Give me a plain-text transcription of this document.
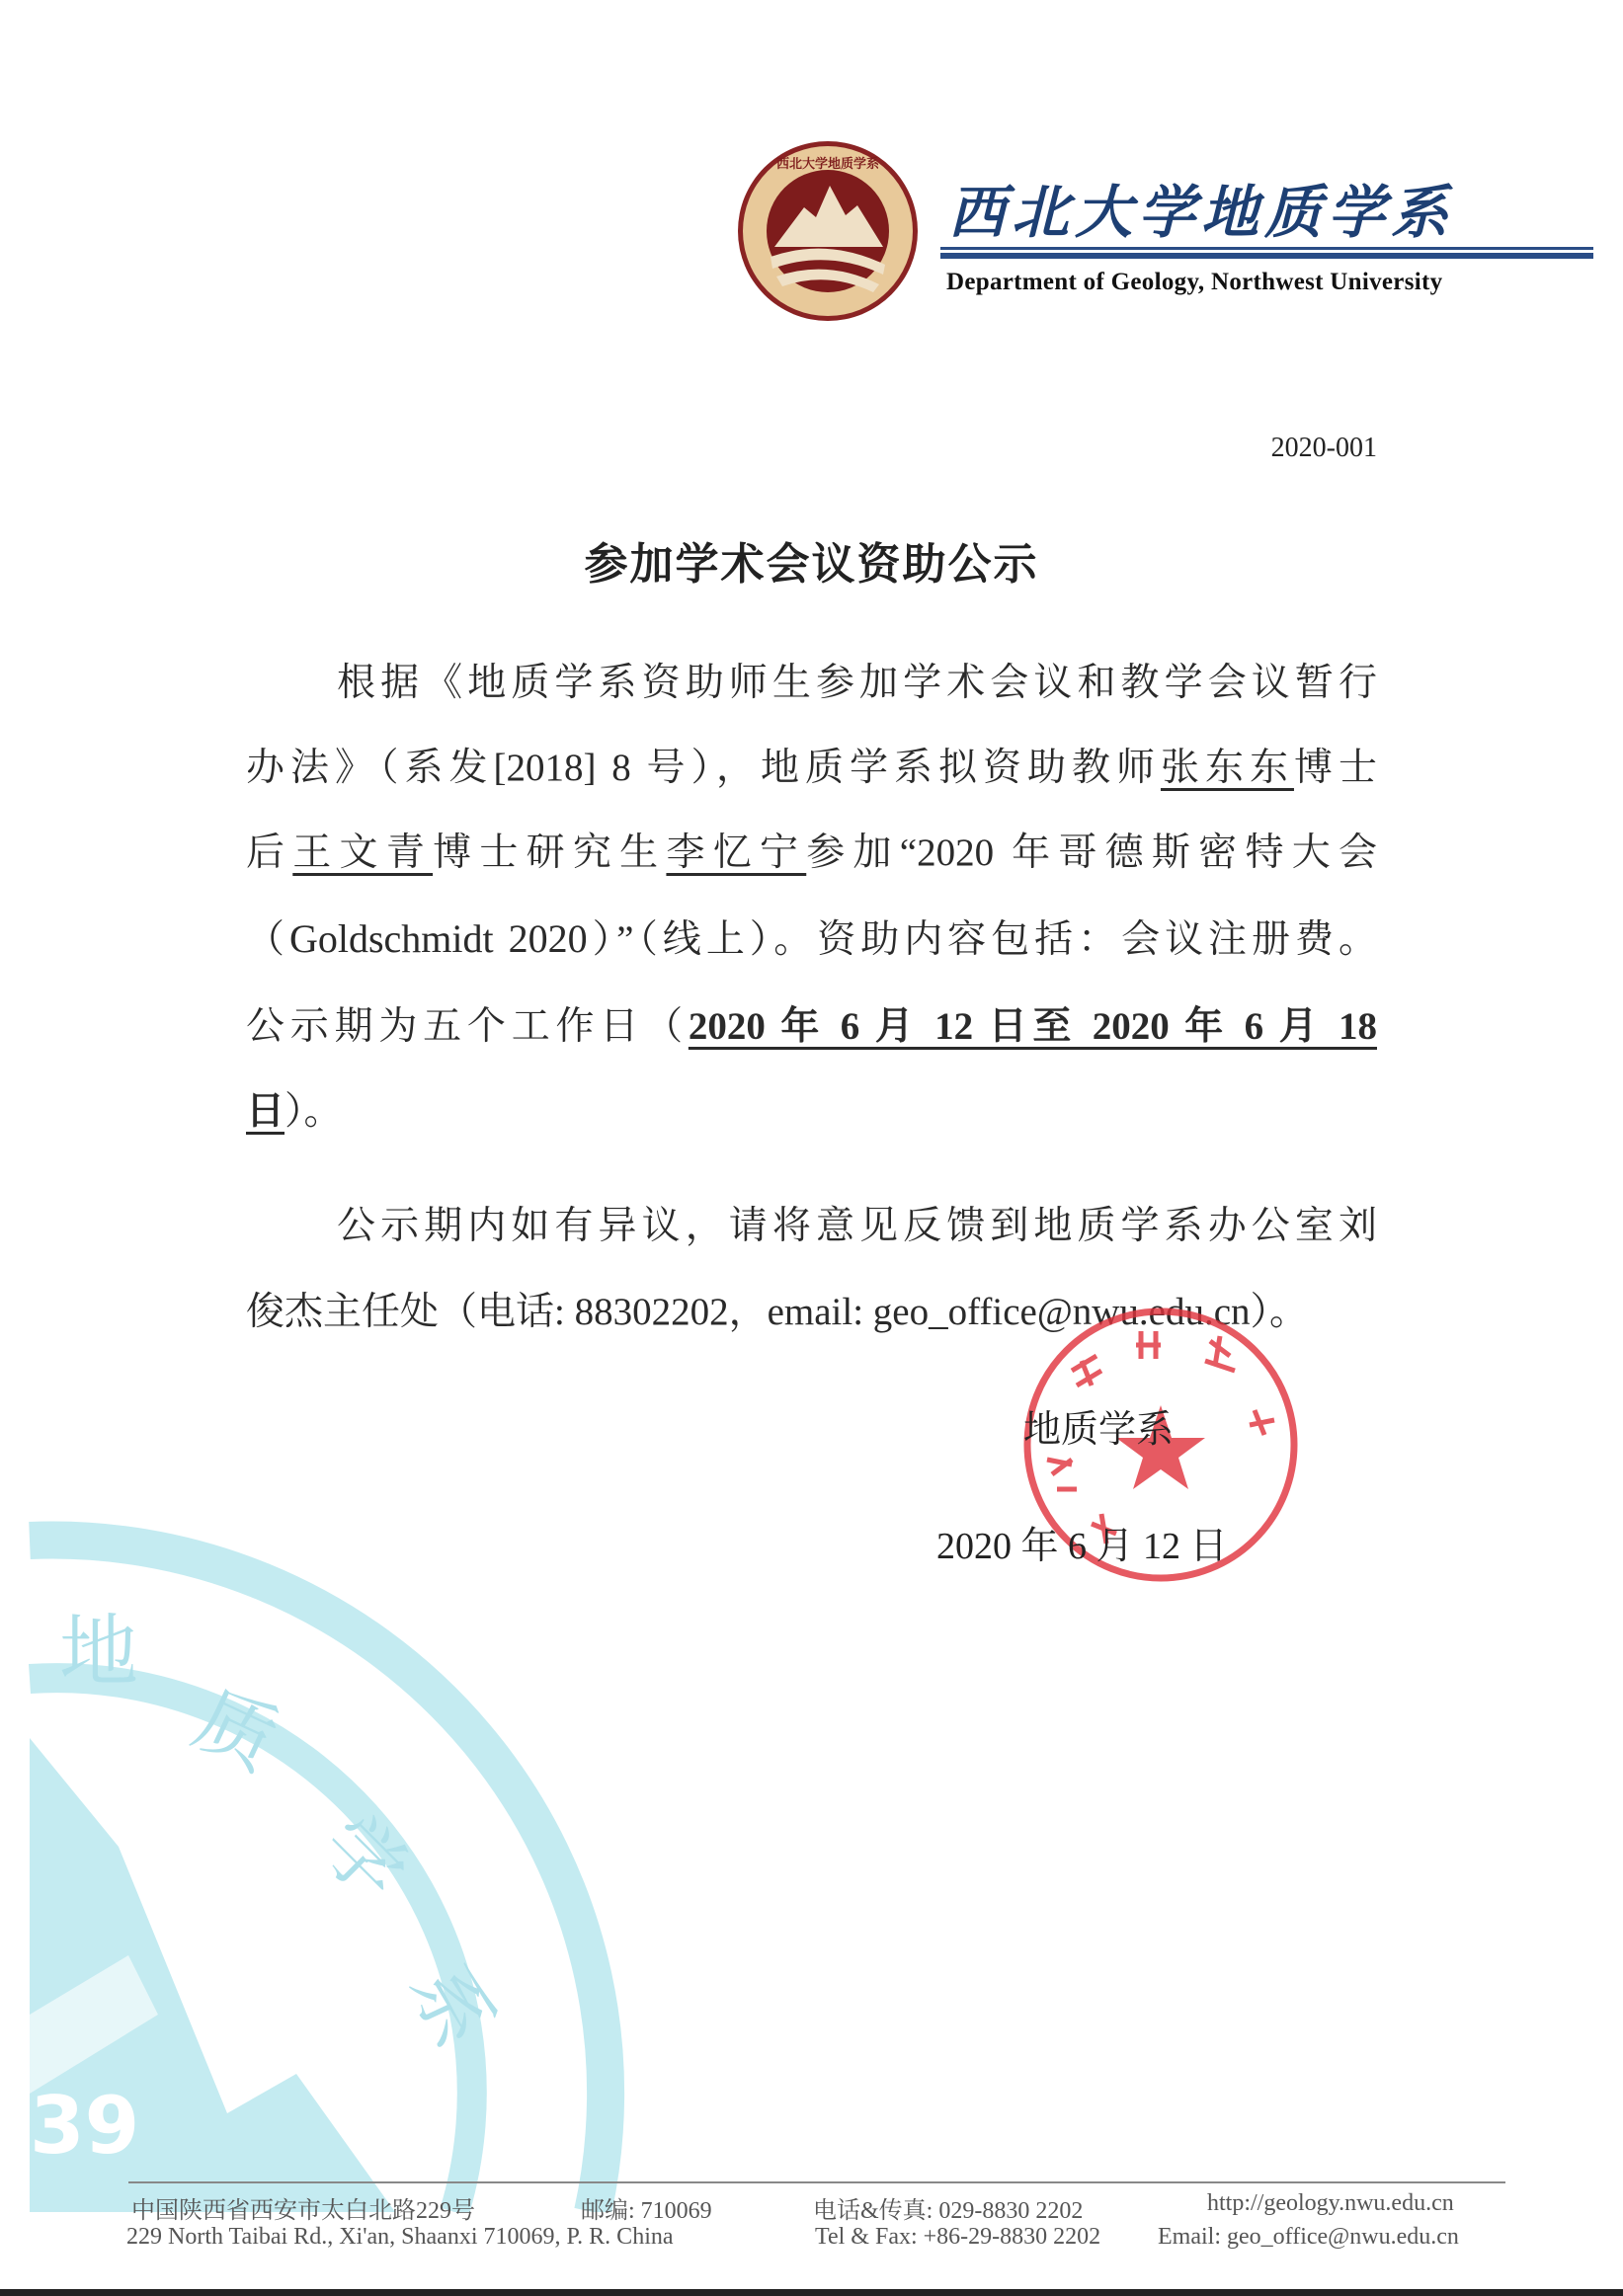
地
质
学
系
39
1939
西北大学地质学系
西北大学地质学系
Department of Geology, Northwest University
2020-001
参加学术会议资助公示
根据《地质学系资助师生参加学术会议和教学会议暂行
办法》（系发[2018] 8 号），地质学系拟资助教师张东东博士
后王文青博士研究生李忆宁参加“2020 年哥德斯密特大会
（Goldschmidt 2020）”（线上）。资助内容包括：会议注册费。
公示期为五个工作日（2020 年 6 月 12 日至 2020 年 6 月 18
日）。
公示期内如有异议，请将意见反馈到地质学系办公室刘
俊杰主任处（电话: 88302202，email: geo_office@nwu.edu.cn）。
地质学系
2020 年 6 月 12 日
中国陕西省西安市太白北路229号	邮编: 710069	电话&传真: 029-8830 2202	http://geology.nwu.edu.cn
229 North Taibai Rd., Xi'an, Shaanxi 710069, P. R. China	Tel & Fax: +86-29-8830 2202 Email: geo_office@nwu.edu.cn
